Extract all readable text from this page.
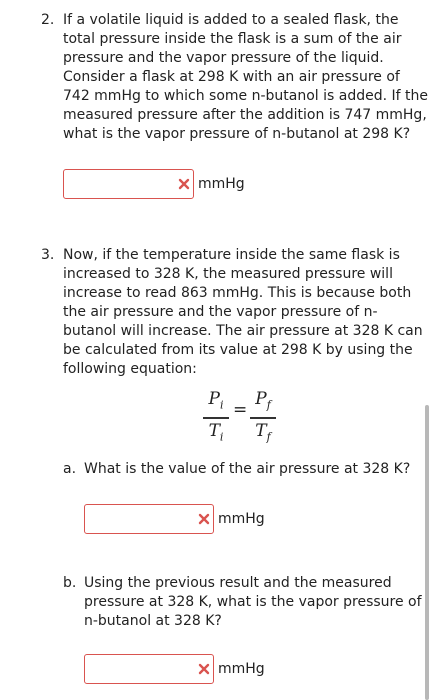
2. If a volatile liquid is added to a sealed flask, the
total pressure inside the flask is a sum of the air
pressure and the vapor pressure of the liquid.
Consider a flask at 298 K with an air pressure of
742 mmHg to which some n-butanol is added. If the
measured pressure after the addition is 747 mmHg,
what is the vapor pressure of n-butanol at 298 K?
mmHg
3. Now, if the temperature inside the same flask is
increased to 328 K, the measured pressure will
increase to read 863 mmHg. This is because both
the air pressure and the vapor pressure of n-
butanol will increase. The air pressure at 328 K can
be calculated from its value at 298 K by using the
following equation:
$P_i$
$T_i$
=
$P_f$
$T_f$
a. What is the value of the air pressure at 328 K?
mmHg
b. Using the previous result and the measured
pressure at 328 K, what is the vapor pressure of
n-butanol at 328 K?
mmHg
